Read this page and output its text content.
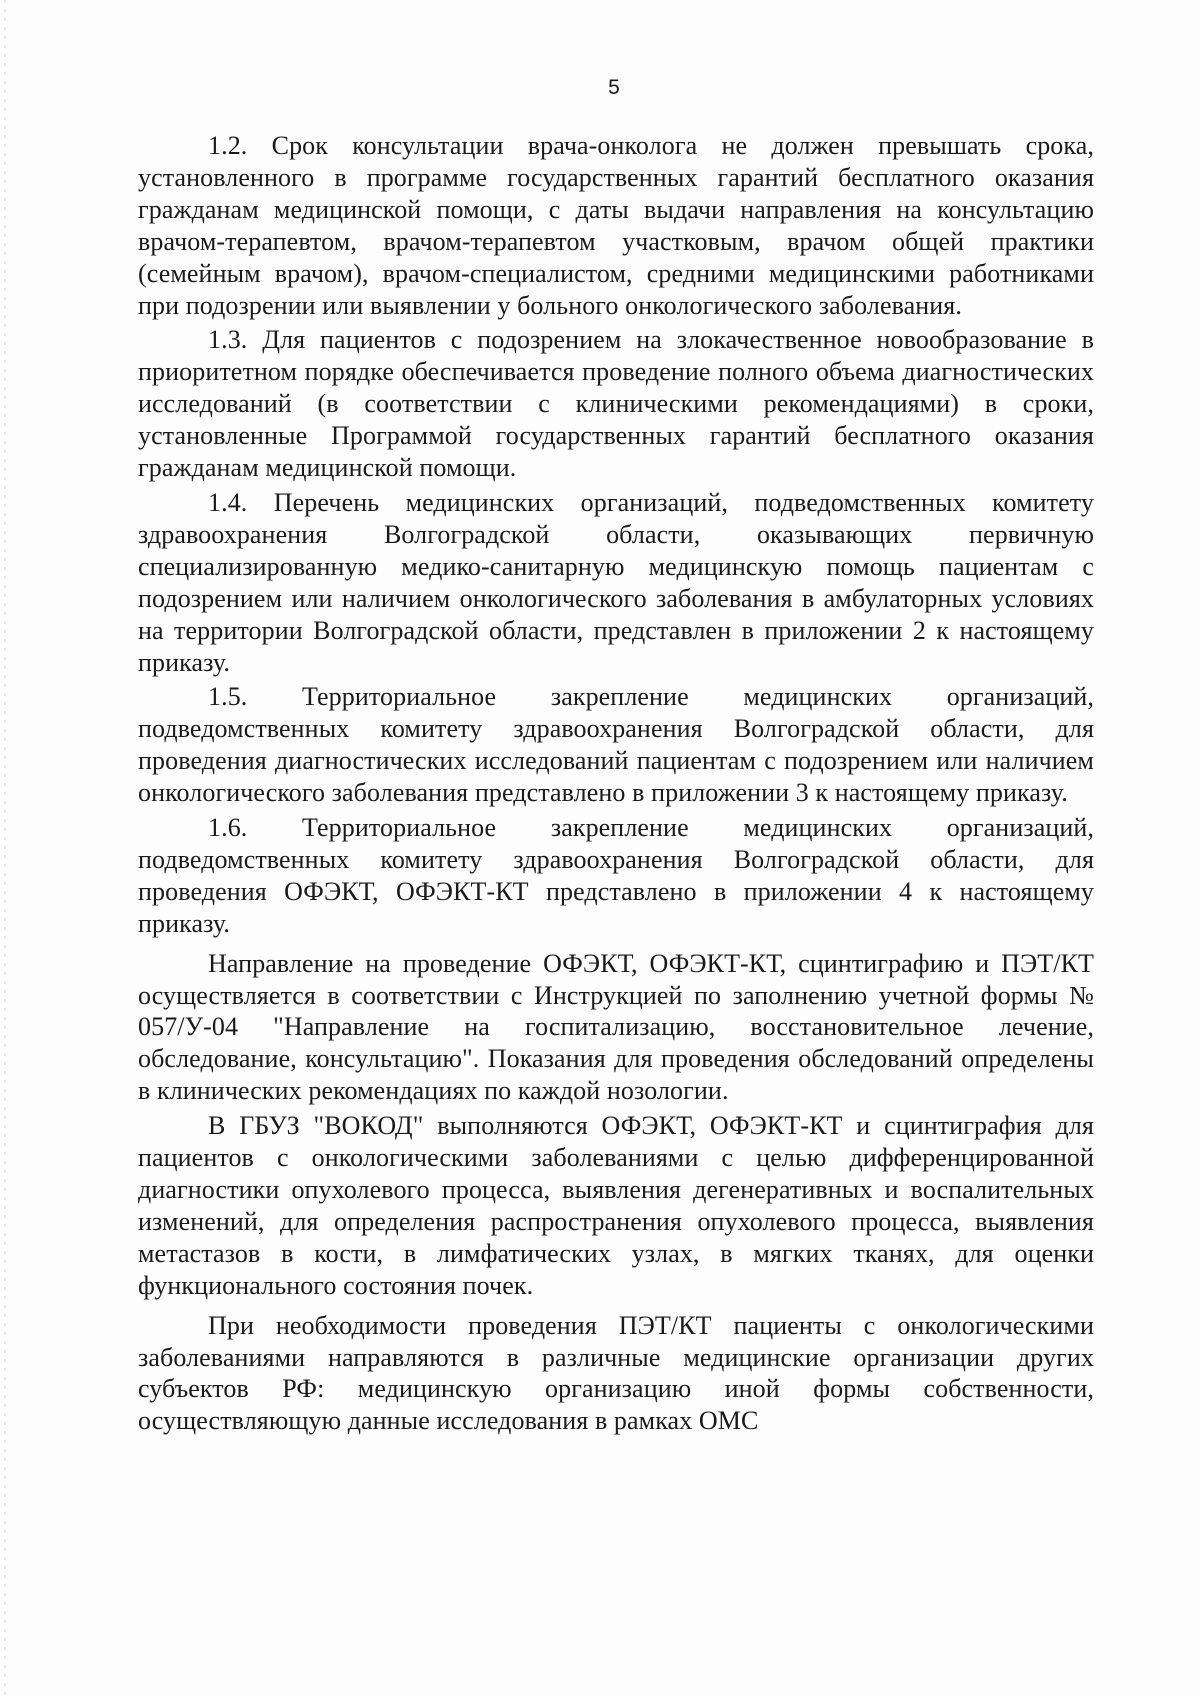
5

1.2. Срок консультации врача-онколога не должен превышать срока, установленного в программе государственных гарантий бесплатного оказания гражданам медицинской помощи, с даты выдачи направления на консультацию врачом-терапевтом, врачом-терапевтом участковым, врачом общей практики (семейным врачом), врачом-специалистом, средними медицинскими работниками при подозрении или выявлении у больного онкологического заболевания.

1.3. Для пациентов с подозрением на злокачественное новообразование в приоритетном порядке обеспечивается проведение полного объема диагностических исследований (в соответствии с клиническими рекомендациями) в сроки, установленные Программой государственных гарантий бесплатного оказания гражданам медицинской помощи.

1.4. Перечень медицинских организаций, подведомственных комитету здравоохранения Волгоградской области, оказывающих первичную специализированную медико-санитарную медицинскую помощь пациентам с подозрением или наличием онкологического заболевания в амбулаторных условиях на территории Волгоградской области, представлен в приложении 2 к настоящему приказу.

1.5. Территориальное закрепление медицинских организаций, подведомственных комитету здравоохранения Волгоградской области, для проведения диагностических исследований пациентам с подозрением или наличием онкологического заболевания представлено в приложении 3 к настоящему приказу.

1.6. Территориальное закрепление медицинских организаций, подведомственных комитету здравоохранения Волгоградской области, для проведения ОФЭКТ, ОФЭКТ-КТ представлено в приложении 4 к настоящему приказу.

Направление на проведение ОФЭКТ, ОФЭКТ-КТ, сцинтиграфию и ПЭТ/КТ осуществляется в соответствии с Инструкцией по заполнению учетной формы № 057/У-04 "Направление на госпитализацию, восстановительное лечение, обследование, консультацию". Показания для проведения обследований определены в клинических рекомендациях по каждой нозологии.

В ГБУЗ "ВОКОД" выполняются ОФЭКТ, ОФЭКТ-КТ и сцинтиграфия для пациентов с онкологическими заболеваниями с целью дифференцированной диагностики опухолевого процесса, выявления дегенеративных и воспалительных изменений, для определения распространения опухолевого процесса, выявления метастазов в кости, в лимфатических узлах, в мягких тканях, для оценки функционального состояния почек.

При необходимости проведения ПЭТ/КТ пациенты с онкологическими заболеваниями направляются в различные медицинские организации других субъектов РФ: медицинскую организацию иной формы собственности, осуществляющую данные исследования в рамках ОМС
